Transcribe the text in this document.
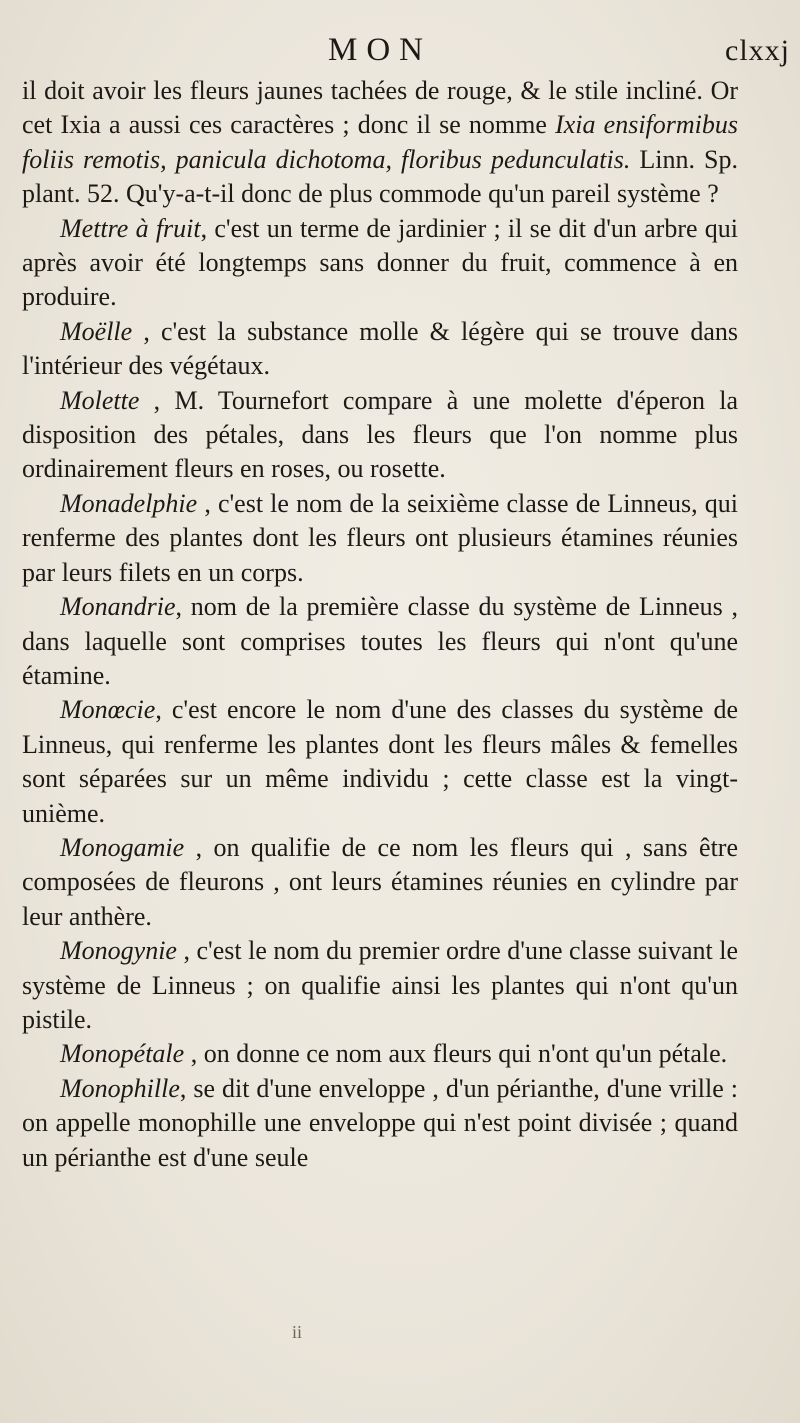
MON	clxxj

il doit avoir les fleurs jaunes tachées de rouge, & le stile incliné. Or cet Ixia a aussi ces caractères ; donc il se nomme Ixia ensiformibus foliis remotis, panicula dichotoma, floribus pedunculatis. Linn. Sp. plant. 52. Qu'y-a-t-il donc de plus commode qu'un pareil système ?

Mettre à fruit, c'est un terme de jardinier ; il se dit d'un arbre qui après avoir été longtemps sans donner du fruit, commence à en produire.

Moëlle , c'est la substance molle & légère qui se trouve dans l'intérieur des végétaux.

Molette , M. Tournefort compare à une molette d'éperon la disposition des pétales, dans les fleurs que l'on nomme plus ordinairement fleurs en roses, ou rosette.

Monadelphie , c'est le nom de la seixième classe de Linneus, qui renferme des plantes dont les fleurs ont plusieurs étamines réunies par leurs filets en un corps.

Monandrie, nom de la première classe du système de Linneus , dans laquelle sont comprises toutes les fleurs qui n'ont qu'une étamine.

Monœcie, c'est encore le nom d'une des classes du système de Linneus, qui renferme les plantes dont les fleurs mâles & femelles sont séparées sur un même individu ; cette classe est la vingt-unième.

Monogamie , on qualifie de ce nom les fleurs qui , sans être composées de fleurons , ont leurs étamines réunies en cylindre par leur anthère.

Monogynie , c'est le nom du premier ordre d'une classe suivant le système de Linneus ; on qualifie ainsi les plantes qui n'ont qu'un pistile.

Monopétale , on donne ce nom aux fleurs qui n'ont qu'un pétale.

Monophille, se dit d'une enveloppe , d'un périanthe, d'une vrille : on appelle monophille une enveloppe qui n'est point divisée ; quand un périanthe est d'une seule

ii
